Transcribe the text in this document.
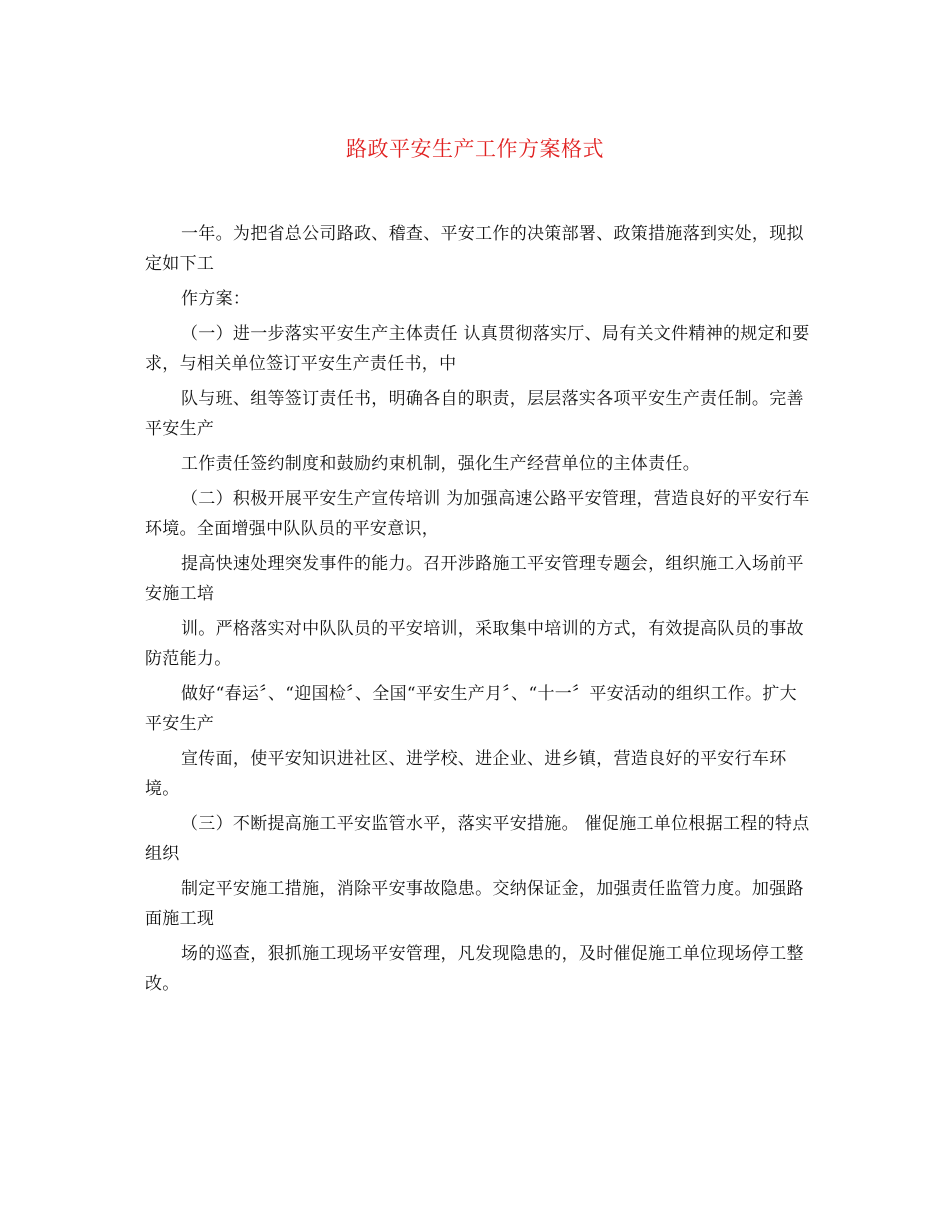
路政平安生产工作方案格式

一年。为把省总公司路政、稽查、平安工作的决策部署、政策措施落到实处，现拟定如下工

作方案：

（一）进一步落实平安生产主体责任 认真贯彻落实厅、局有关文件精神的规定和要求，与相关单位签订平安生产责任书，中

队与班、组等签订责任书，明确各自的职责，层层落实各项平安生产责任制。完善平安生产

工作责任签约制度和鼓励约束机制，强化生产经营单位的主体责任。

（二）积极开展平安生产宣传培训 为加强高速公路平安管理，营造良好的平安行车环境。全面增强中队队员的平安意识，

提高快速处理突发事件的能力。召开涉路施工平安管理专题会，组织施工入场前平安施工培

训。严格落实对中队队员的平安培训，采取集中培训的方式，有效提高队员的事故防范能力。

做好“春运〞、“迎国检〞、全国“平安生产月〞、“十一〞平安活动的组织工作。扩大平安生产

宣传面，使平安知识进社区、进学校、进企业、进乡镇，营造良好的平安行车环境。

（三）不断提高施工平安监管水平，落实平安措施。 催促施工单位根据工程的特点组织

制定平安施工措施，消除平安事故隐患。交纳保证金，加强责任监管力度。加强路面施工现

场的巡查，狠抓施工现场平安管理，凡发现隐患的，及时催促施工单位现场停工整改。
